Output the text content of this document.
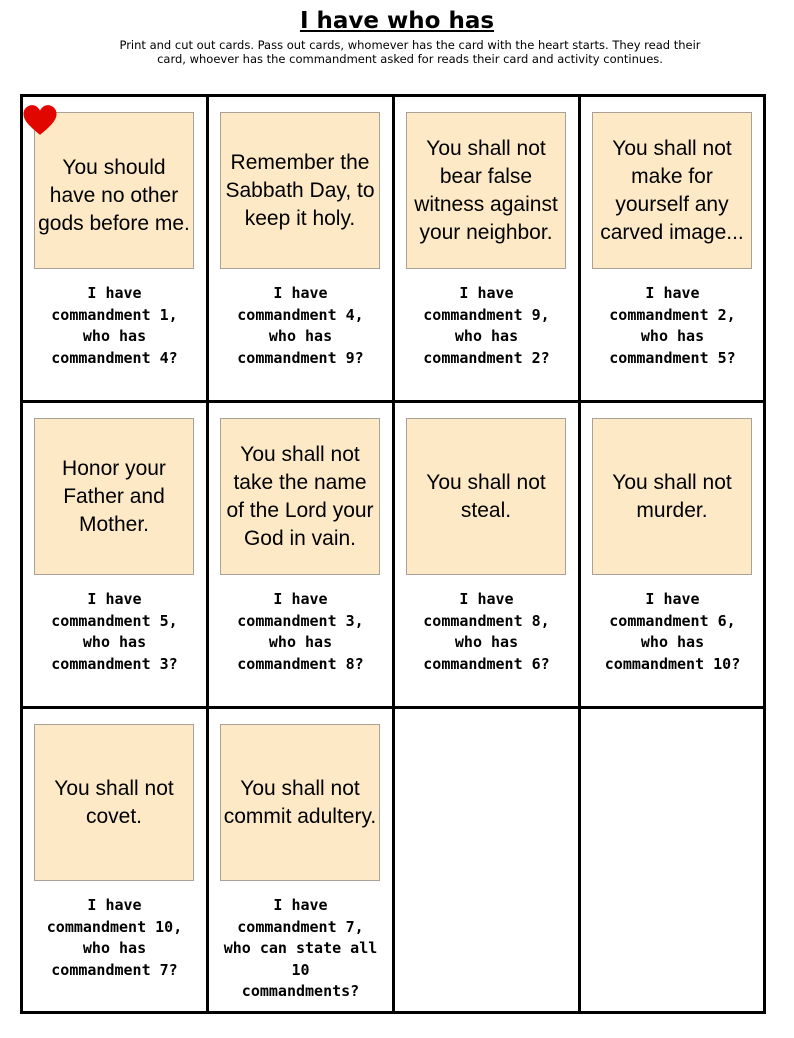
I have who has
Print and cut out cards. Pass out cards, whomever has the card with the heart starts. They read their card, whoever has the commandment asked for reads their card and activity continues.
You should have no other gods before me.
I have
commandment 1,
who has
commandment 4?
Remember the Sabbath Day, to keep it holy.
I have
commandment 4,
who has
commandment 9?
You shall not bear false witness against your neighbor.
I have
commandment 9,
who has
commandment 2?
You shall not make for yourself any carved image...
I have
commandment 2,
who has
commandment 5?
Honor your Father and Mother.
I have
commandment 5,
who has
commandment 3?
You shall not take the name of the Lord your God in vain.
I have
commandment 3,
who has
commandment 8?
You shall not steal.
I have
commandment 8,
who has
commandment 6?
You shall not murder.
I have
commandment 6,
who has
commandment 10?
You shall not covet.
I have
commandment 10,
who has
commandment 7?
You shall not commit adultery.
I have
commandment 7,
who can state all
10
commandments?
